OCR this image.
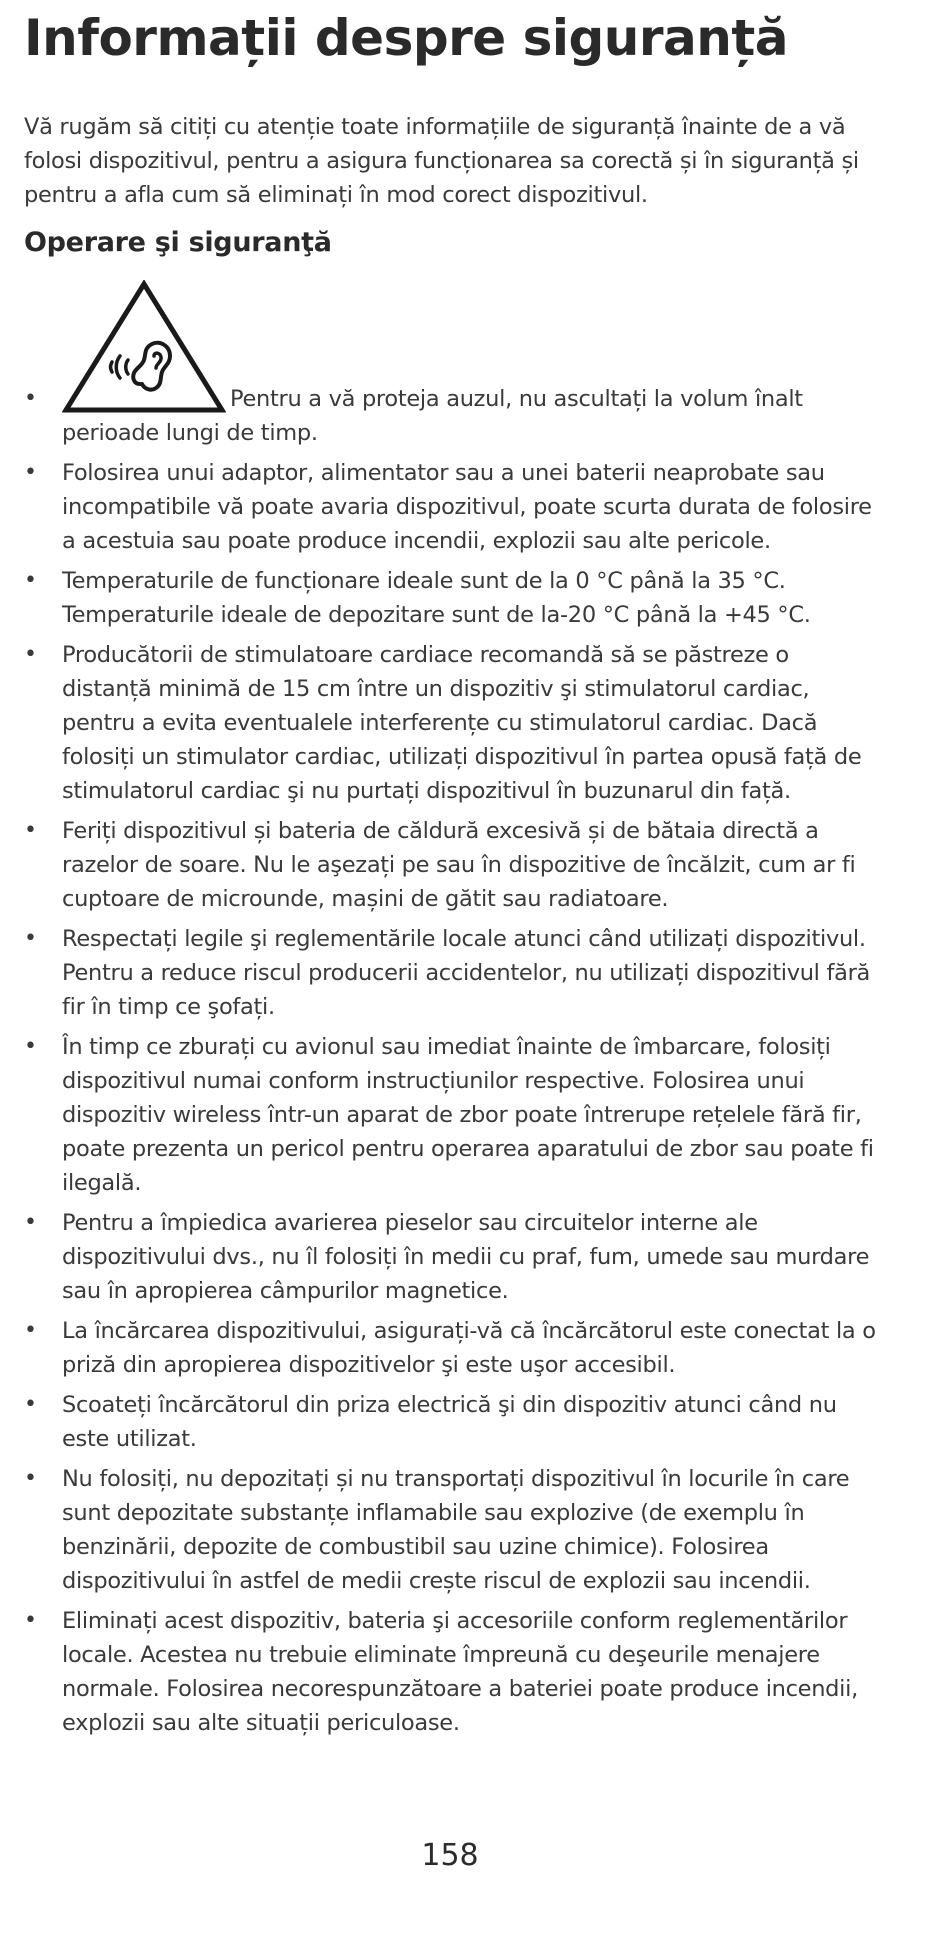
Informații despre siguranță

Vă rugăm să citiți cu atenție toate informațiile de siguranță înainte de a vă folosi dispozitivul, pentru a asigura funcționarea sa corectă și în siguranță și pentru a afla cum să eliminați în mod corect dispozitivul.

Operare şi siguranţă
•	Pentru a vă proteja auzul, nu ascultați la volum înalt perioade lungi de timp.
• Folosirea unui adaptor, alimentator sau a unei baterii neaprobate sau incompatibile vă poate avaria dispozitivul, poate scurta durata de folosire a acestuia sau poate produce incendii, explozii sau alte pericole.
• Temperaturile de funcționare ideale sunt de la 0 °C până la 35 °C. Temperaturile ideale de depozitare sunt de la-20 °C până la +45 °C.
• Producătorii de stimulatoare cardiace recomandă să se păstreze o distanță minimă de 15 cm între un dispozitiv şi stimulatorul cardiac, pentru a evita eventualele interferențe cu stimulatorul cardiac. Dacă folosiți un stimulator cardiac, utilizați dispozitivul în partea opusă față de stimulatorul cardiac şi nu purtați dispozitivul în buzunarul din față.
• Feriți dispozitivul și bateria de căldură excesivă și de bătaia directă a razelor de soare. Nu le aşezați pe sau în dispozitive de încălzit, cum ar fi cuptoare de microunde, mașini de gătit sau radiatoare.
• Respectați legile şi reglementările locale atunci când utilizați dispozitivul. Pentru a reduce riscul producerii accidentelor, nu utilizați dispozitivul fără fir în timp ce şofați.
• În timp ce zburați cu avionul sau imediat înainte de îmbarcare, folosiți dispozitivul numai conform instrucțiunilor respective. Folosirea unui dispozitiv wireless într-un aparat de zbor poate întrerupe rețelele fără fir, poate prezenta un pericol pentru operarea aparatului de zbor sau poate fi ilegală.
• Pentru a împiedica avarierea pieselor sau circuitelor interne ale dispozitivului dvs., nu îl folosiți în medii cu praf, fum, umede sau murdare sau în apropierea câmpurilor magnetice.
• La încărcarea dispozitivului, asigurați-vă că încărcătorul este conectat la o priză din apropierea dispozitivelor şi este uşor accesibil.
• Scoateți încărcătorul din priza electrică şi din dispozitiv atunci când nu este utilizat.
• Nu folosiți, nu depozitați și nu transportați dispozitivul în locurile în care sunt depozitate substanțe inflamabile sau explozive (de exemplu în benzinării, depozite de combustibil sau uzine chimice). Folosirea dispozitivului în astfel de medii crește riscul de explozii sau incendii.
• Eliminați acest dispozitiv, bateria şi accesoriile conform reglementărilor locale. Acestea nu trebuie eliminate împreună cu deşeurile menajere normale. Folosirea necorespunzătoare a bateriei poate produce incendii, explozii sau alte situații periculoase.
158
